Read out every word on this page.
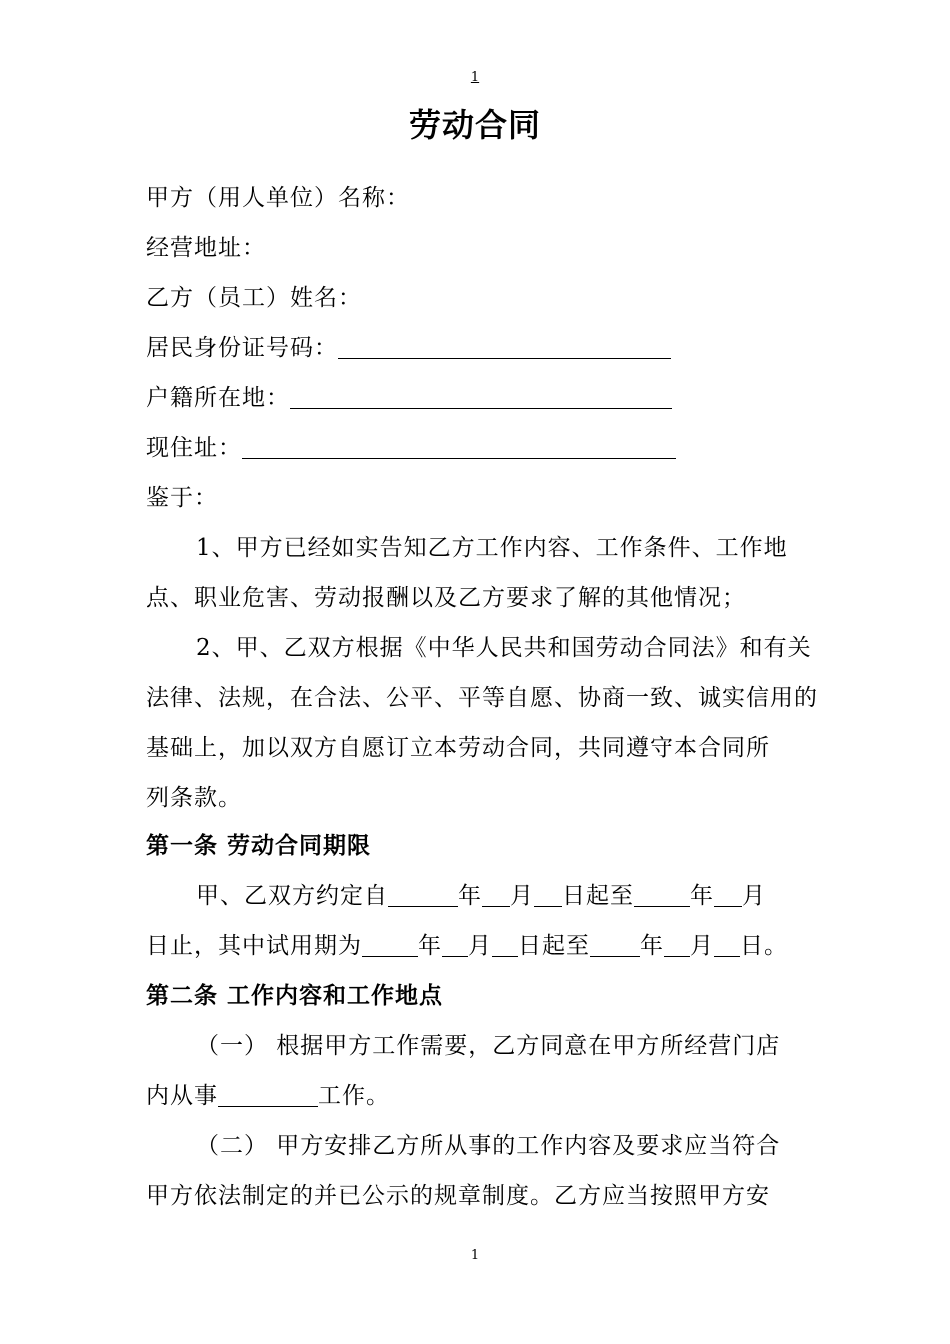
1
劳动合同
甲方（用人单位）名称：
经营地址：
乙方（员工）姓名：
居民身份证号码：
户籍所在地：
现住址：
鉴于：
1、甲方已经如实告知乙方工作内容、工作条件、工作地
点、职业危害、劳动报酬以及乙方要求了解的其他情况；
2、甲、乙双方根据《中华人民共和国劳动合同法》和有关
法律、法规，在合法、公平、平等自愿、协商一致、诚实信用的
基础上，加以双方自愿订立本劳动合同，共同遵守本合同所
列条款。
第一条 劳动合同期限
甲、乙双方约定自	年 月 日起至 年 月
日止，其中试用期为 年 月 日起至 年 月 日。
第二条 工作内容和工作地点
（一） 根据甲方工作需要，乙方同意在甲方所经营门店
内从事	工作。
（二） 甲方安排乙方所从事的工作内容及要求应当符合
甲方依法制定的并已公示的规章制度。乙方应当按照甲方安
1
